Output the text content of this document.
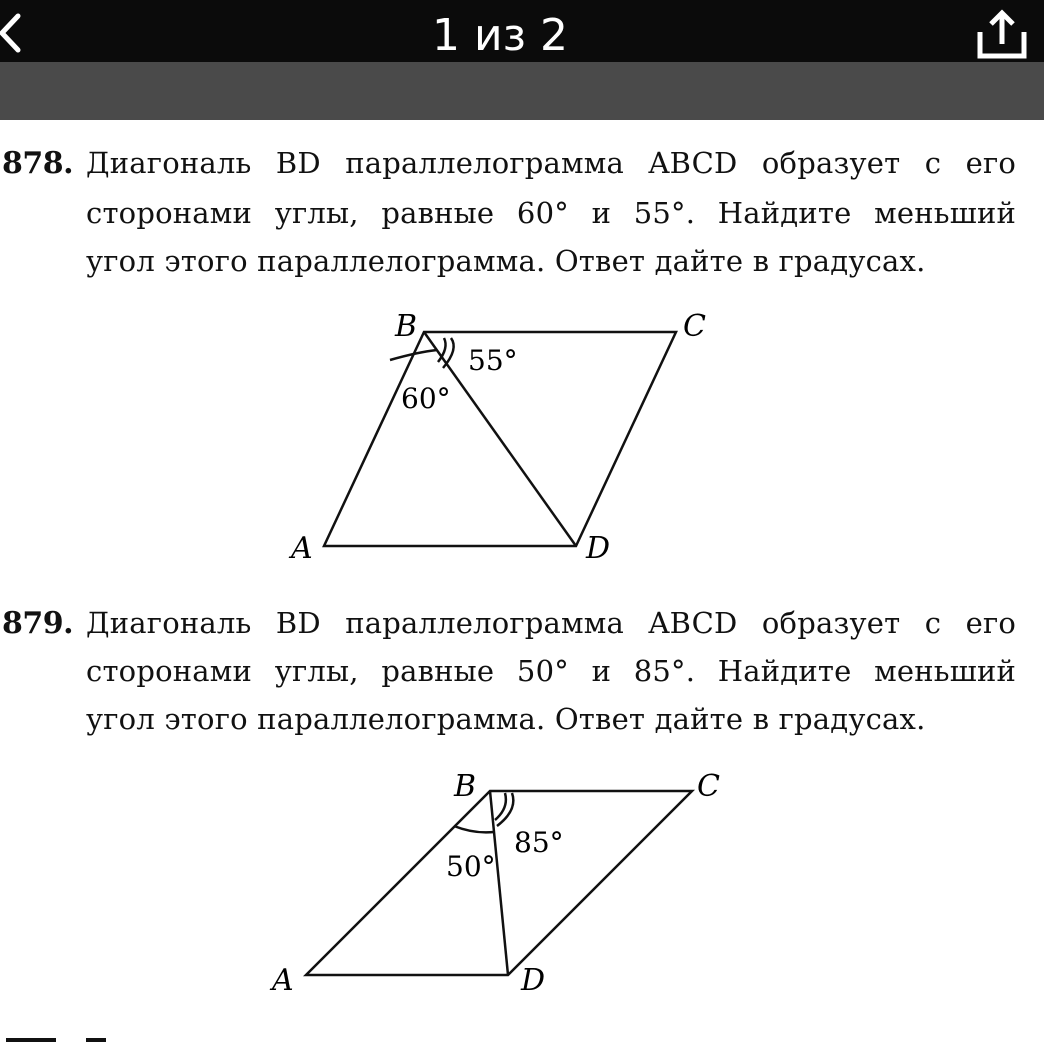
1 из 2
878. Диагональ BD параллелограмма ABCD образует с его
сторонами углы, равные 60° и 55°. Найдите меньший
угол этого параллелограмма. Ответ дайте в градусах.
B	C
A	D
60°
55°
879. Диагональ BD параллелограмма ABCD образует с его
сторонами углы, равные 50° и 85°. Найдите меньший
угол этого параллелограмма. Ответ дайте в градусах.
B	C
A	D
50°
85°
